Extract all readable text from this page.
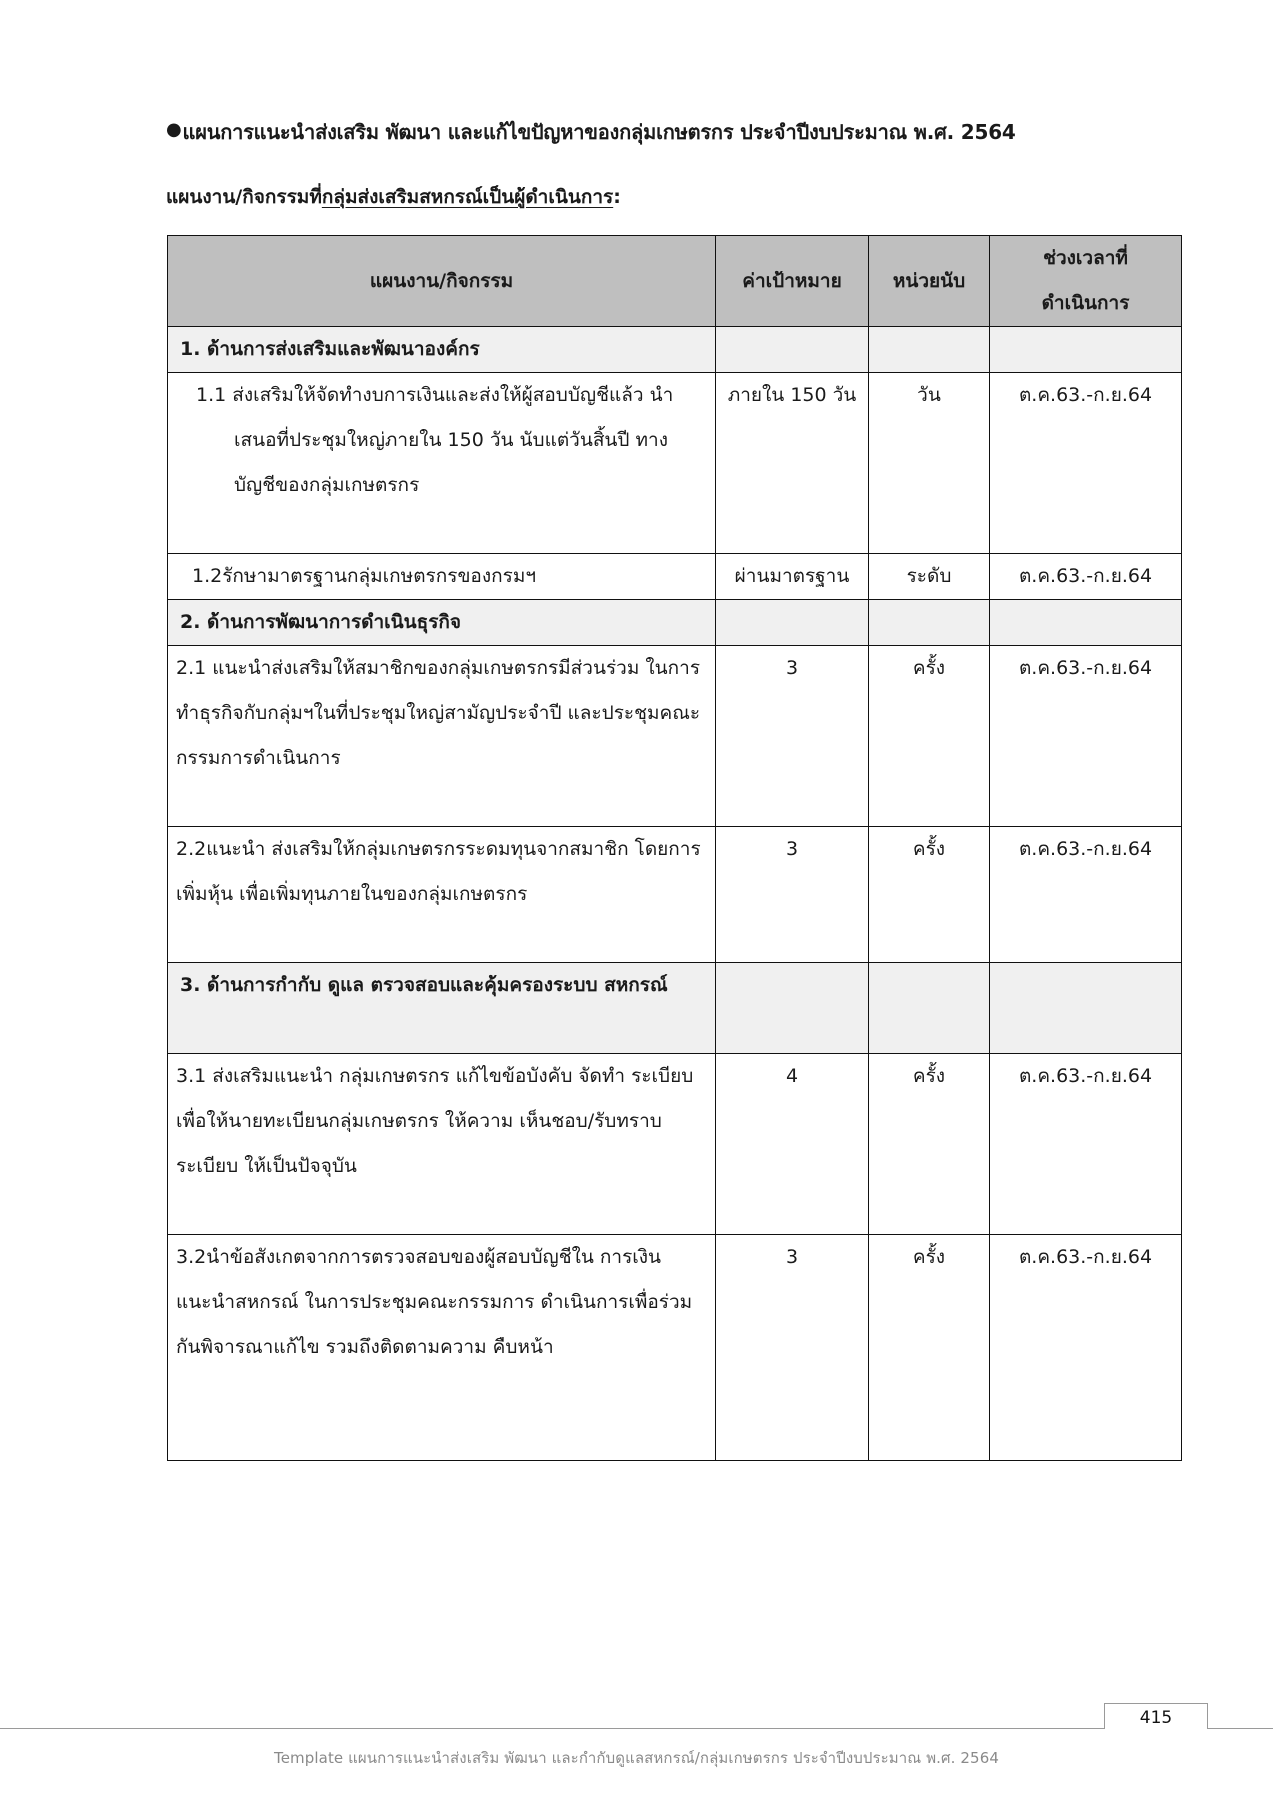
●แผนการแนะนำส่งเสริม พัฒนา และแก้ไขปัญหาของกลุ่มเกษตรกร ประจำปีงบประมาณ พ.ศ. 2564
แผนงาน/กิจกรรมที่กลุ่มส่งเสริมสหกรณ์เป็นผู้ดำเนินการ:
แผนงาน/กิจกรรม	ค่าเป้าหมาย	หน่วยนับ	ช่วงเวลาที่
ดำเนินการ

1. ด้านการส่งเสริมและพัฒนาองค์กร			

1.1 ส่งเสริมให้จัดทำงบการเงินและส่งให้ผู้สอบบัญชีแล้ว นำเสนอที่ประชุมใหญ่ภายใน 150 วัน นับแต่วันสิ้นปี ทางบัญชีของกลุ่มเกษตรกร	ภายใน 150 วัน	วัน	ต.ค.63.-ก.ย.64
1.2รักษามาตรฐานกลุ่มเกษตรกรของกรมฯ	ผ่านมาตรฐาน	ระดับ	ต.ค.63.-ก.ย.64
2. ด้านการพัฒนาการดำเนินธุรกิจ			
2.1 แนะนำส่งเสริมให้สมาชิกของกลุ่มเกษตรกรมีส่วนร่วม ในการทำธุรกิจกับกลุ่มฯในที่ประชุมใหญ่สามัญประจำปี และประชุมคณะกรรมการดำเนินการ	3	ครั้ง	ต.ค.63.-ก.ย.64
2.2แนะนำ ส่งเสริมให้กลุ่มเกษตรกรระดมทุนจากสมาชิก โดยการเพิ่มหุ้น เพื่อเพิ่มทุนภายในของกลุ่มเกษตรกร	3	ครั้ง	ต.ค.63.-ก.ย.64
3. ด้านการกำกับ ดูแล ตรวจสอบและคุ้มครองระบบ สหกรณ์			
3.1 ส่งเสริมแนะนำ กลุ่มเกษตรกร แก้ไขข้อบังคับ จัดทำ ระเบียบ เพื่อให้นายทะเบียนกลุ่มเกษตรกร ให้ความ เห็นชอบ/รับทราบระเบียบ ให้เป็นปัจจุบัน	4	ครั้ง	ต.ค.63.-ก.ย.64
3.2นำข้อสังเกตจากการตรวจสอบของผู้สอบบัญชีใน การเงินแนะนำสหกรณ์ ในการประชุมคณะกรรมการ ดำเนินการเพื่อร่วมกันพิจารณาแก้ไข รวมถึงติดตามความ คืบหน้า	3	ครั้ง	ต.ค.63.-ก.ย.64
415
Template แผนการแนะนำส่งเสริม พัฒนา และกำกับดูแลสหกรณ์/กลุ่มเกษตรกร ประจำปีงบประมาณ พ.ศ. 2564
